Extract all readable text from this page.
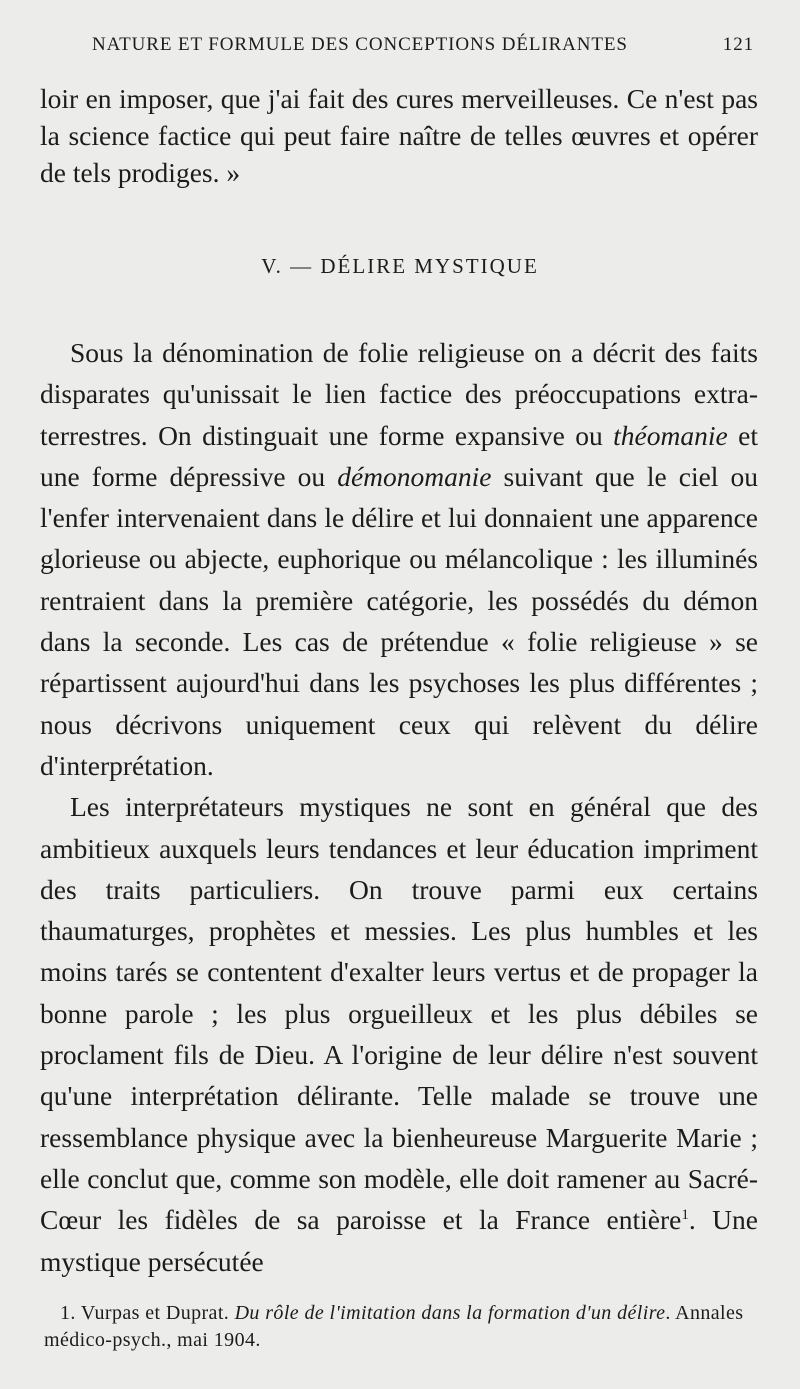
NATURE ET FORMULE DES CONCEPTIONS DÉLIRANTES	121

loir en imposer, que j'ai fait des cures merveilleuses. Ce n'est pas la science factice qui peut faire naître de telles œuvres et opérer de tels prodiges. »

V. — DÉLIRE MYSTIQUE

Sous la dénomination de folie religieuse on a décrit des faits disparates qu'unissait le lien factice des préoccupations extra-terrestres. On distinguait une forme expansive ou théomanie et une forme dépressive ou démonomanie suivant que le ciel ou l'enfer intervenaient dans le délire et lui donnaient une apparence glorieuse ou abjecte, euphorique ou mélancolique : les illuminés rentraient dans la première catégorie, les possédés du démon dans la seconde. Les cas de prétendue « folie religieuse » se répartissent aujourd'hui dans les psychoses les plus différentes ; nous décrivons uniquement ceux qui relèvent du délire d'interprétation.

Les interprétateurs mystiques ne sont en général que des ambitieux auxquels leurs tendances et leur éducation impriment des traits particuliers. On trouve parmi eux certains thaumaturges, prophètes et messies. Les plus humbles et les moins tarés se contentent d'exalter leurs vertus et de propager la bonne parole ; les plus orgueilleux et les plus débiles se proclament fils de Dieu. A l'origine de leur délire n'est souvent qu'une interprétation délirante. Telle malade se trouve une ressemblance physique avec la bienheureuse Marguerite Marie ; elle conclut que, comme son modèle, elle doit ramener au Sacré-Cœur les fidèles de sa paroisse et la France entière$^1$. Une mystique persécutée

1. Vurpas et Duprat. Du rôle de l'imitation dans la formation d'un délire. Annales médico-psych., mai 1904.
